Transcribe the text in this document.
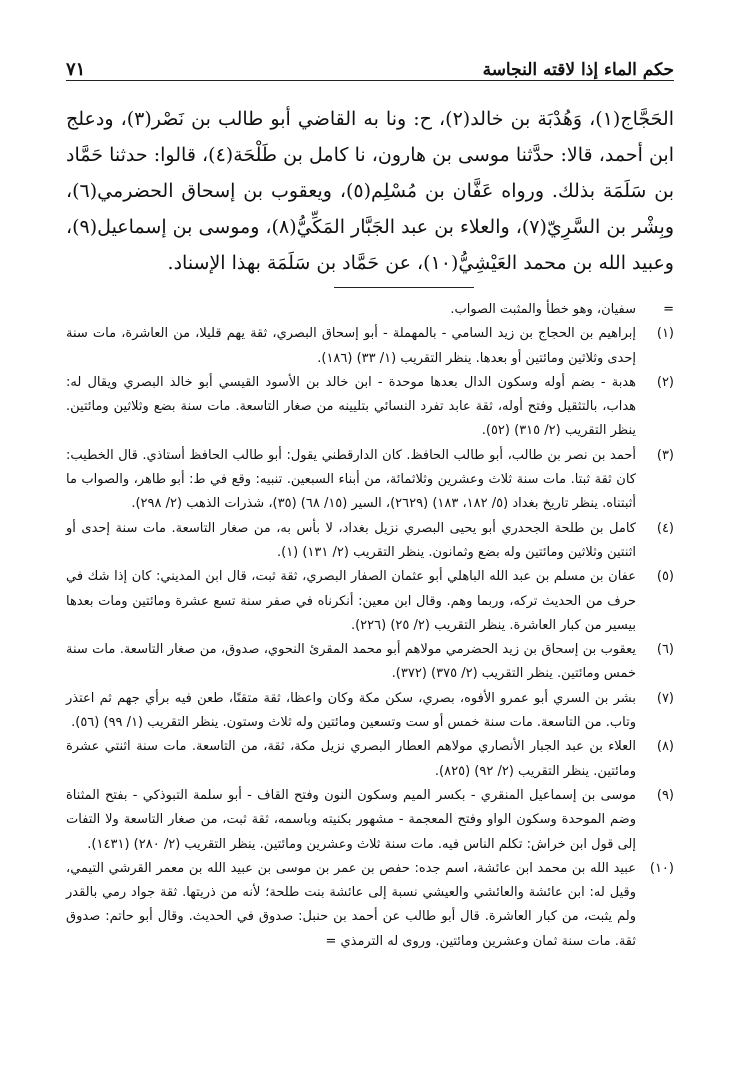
حكم الماء إذا لاقته النجاسة
٧١
الحَجَّاج(١)، وَهُدْبَة بن خالد(٢)، ح: ونا به القاضي أبو طالب بن نَصْر(٣)، ودعلج ابن أحمد، قالا: حدَّثنا موسى بن هارون، نا كامل بن طَلْحَة(٤)، قالوا: حدثنا حَمَّاد بن سَلَمَة بذلك. ورواه عَفَّان بن مُسْلِم(٥)، ويعقوب بن إسحاق الحضرمي(٦)، وبِشْر بن السَّرِيّ(٧)، والعلاء بن عبد الجَبَّار المَكِّيُّ(٨)، وموسى بن إسماعيل(٩)، وعبيد الله بن محمد العَيْشِيُّ(١٠)، عن حَمَّاد بن سَلَمَة بهذا الإسناد.
=
سفيان، وهو خطأ والمثبت الصواب.
(١)
إبراهيم بن الحجاج بن زيد السامي - بالمهملة - أبو إسحاق البصري، ثقة يهم قليلا، من العاشرة، مات سنة إحدى وثلاثين ومائتين أو بعدها. ينظر التقريب (١/ ٣٣) (١٨٦).
(٢)
هدبة - بضم أوله وسكون الدال بعدها موحدة - ابن خالد بن الأسود القيسي أبو خالد البصري ويقال له: هداب، بالتثقيل وفتح أوله، ثقة عابد تفرد النسائي بتليينه من صغار التاسعة. مات سنة بضع وثلاثين ومائتين. ينظر التقريب (٢/ ٣١٥) (٥٢).
(٣)
أحمد بن نصر بن طالب، أبو طالب الحافظ. كان الدارقطني يقول: أبو طالب الحافظ أستاذي. قال الخطيب: كان ثقة ثبتا. مات سنة ثلاث وعشرين وثلاثمائة، من أبناء السبعين. تنبيه: وقع في ط: أبو طاهر، والصواب ما أثبتناه. ينظر تاريخ بغداد (٥/ ١٨٢، ١٨٣) (٢٦٢٩)، السير (١٥/ ٦٨) (٣٥)، شذرات الذهب (٢/ ٢٩٨).
(٤)
كامل بن طلحة الجحدري أبو يحيى البصري نزيل بغداد، لا بأس به، من صغار التاسعة. مات سنة إحدى أو اثنتين وثلاثين ومائتين وله بضع وثمانون. ينظر التقريب (٢/ ١٣١) (١).
(٥)
عفان بن مسلم بن عبد الله الباهلي أبو عثمان الصفار البصري، ثقة ثبت، قال ابن المديني: كان إذا شك في حرف من الحديث تركه، وربما وهم. وقال ابن معين: أنكرناه في صفر سنة تسع عشرة ومائتين ومات بعدها بيسير من كبار العاشرة. ينظر التقريب (٢/ ٢٥) (٢٢٦).
(٦)
يعقوب بن إسحاق بن زيد الحضرمي مولاهم أبو محمد المقرئ النحوي، صدوق، من صغار التاسعة. مات سنة خمس ومائتين. ينظر التقريب (٢/ ٣٧٥) (٣٧٢).
(٧)
بشر بن السري أبو عمرو الأفوه، بصري، سكن مكة وكان واعظا، ثقة متقنًا، طعن فيه برأي جهم ثم اعتذر وتاب. من التاسعة. مات سنة خمس أو ست وتسعين ومائتين وله ثلاث وستون. ينظر التقريب (١/ ٩٩) (٥٦).
(٨)
العلاء بن عبد الجبار الأنصاري مولاهم العطار البصري نزيل مكة، ثقة، من التاسعة. مات سنة اثنتي عشرة ومائتين. ينظر التقريب (٢/ ٩٢) (٨٢٥).
(٩)
موسى بن إسماعيل المنقري - بكسر الميم وسكون النون وفتح القاف - أبو سلمة التبوذكي - بفتح المثناة وضم الموحدة وسكون الواو وفتح المعجمة - مشهور بكنيته وباسمه، ثقة ثبت، من صغار التاسعة ولا التفات إلى قول ابن خراش: تكلم الناس فيه. مات سنة ثلاث وعشرين ومائتين. ينظر التقريب (٢/ ٢٨٠) (١٤٣١).
(١٠)
عبيد الله بن محمد ابن عائشة، اسم جده: حفص بن عمر بن موسى بن عبيد الله بن معمر القرشي التيمي، وقيل له: ابن عائشة والعائشي والعيشي نسبة إلى عائشة بنت طلحة؛ لأنه من ذريتها. ثقة جواد رمي بالقدر ولم يثبت، من كبار العاشرة. قال أبو طالب عن أحمد بن حنبل: صدوق في الحديث. وقال أبو حاتم: صدوق ثقة. مات سنة ثمان وعشرين ومائتين. وروى له الترمذي =
